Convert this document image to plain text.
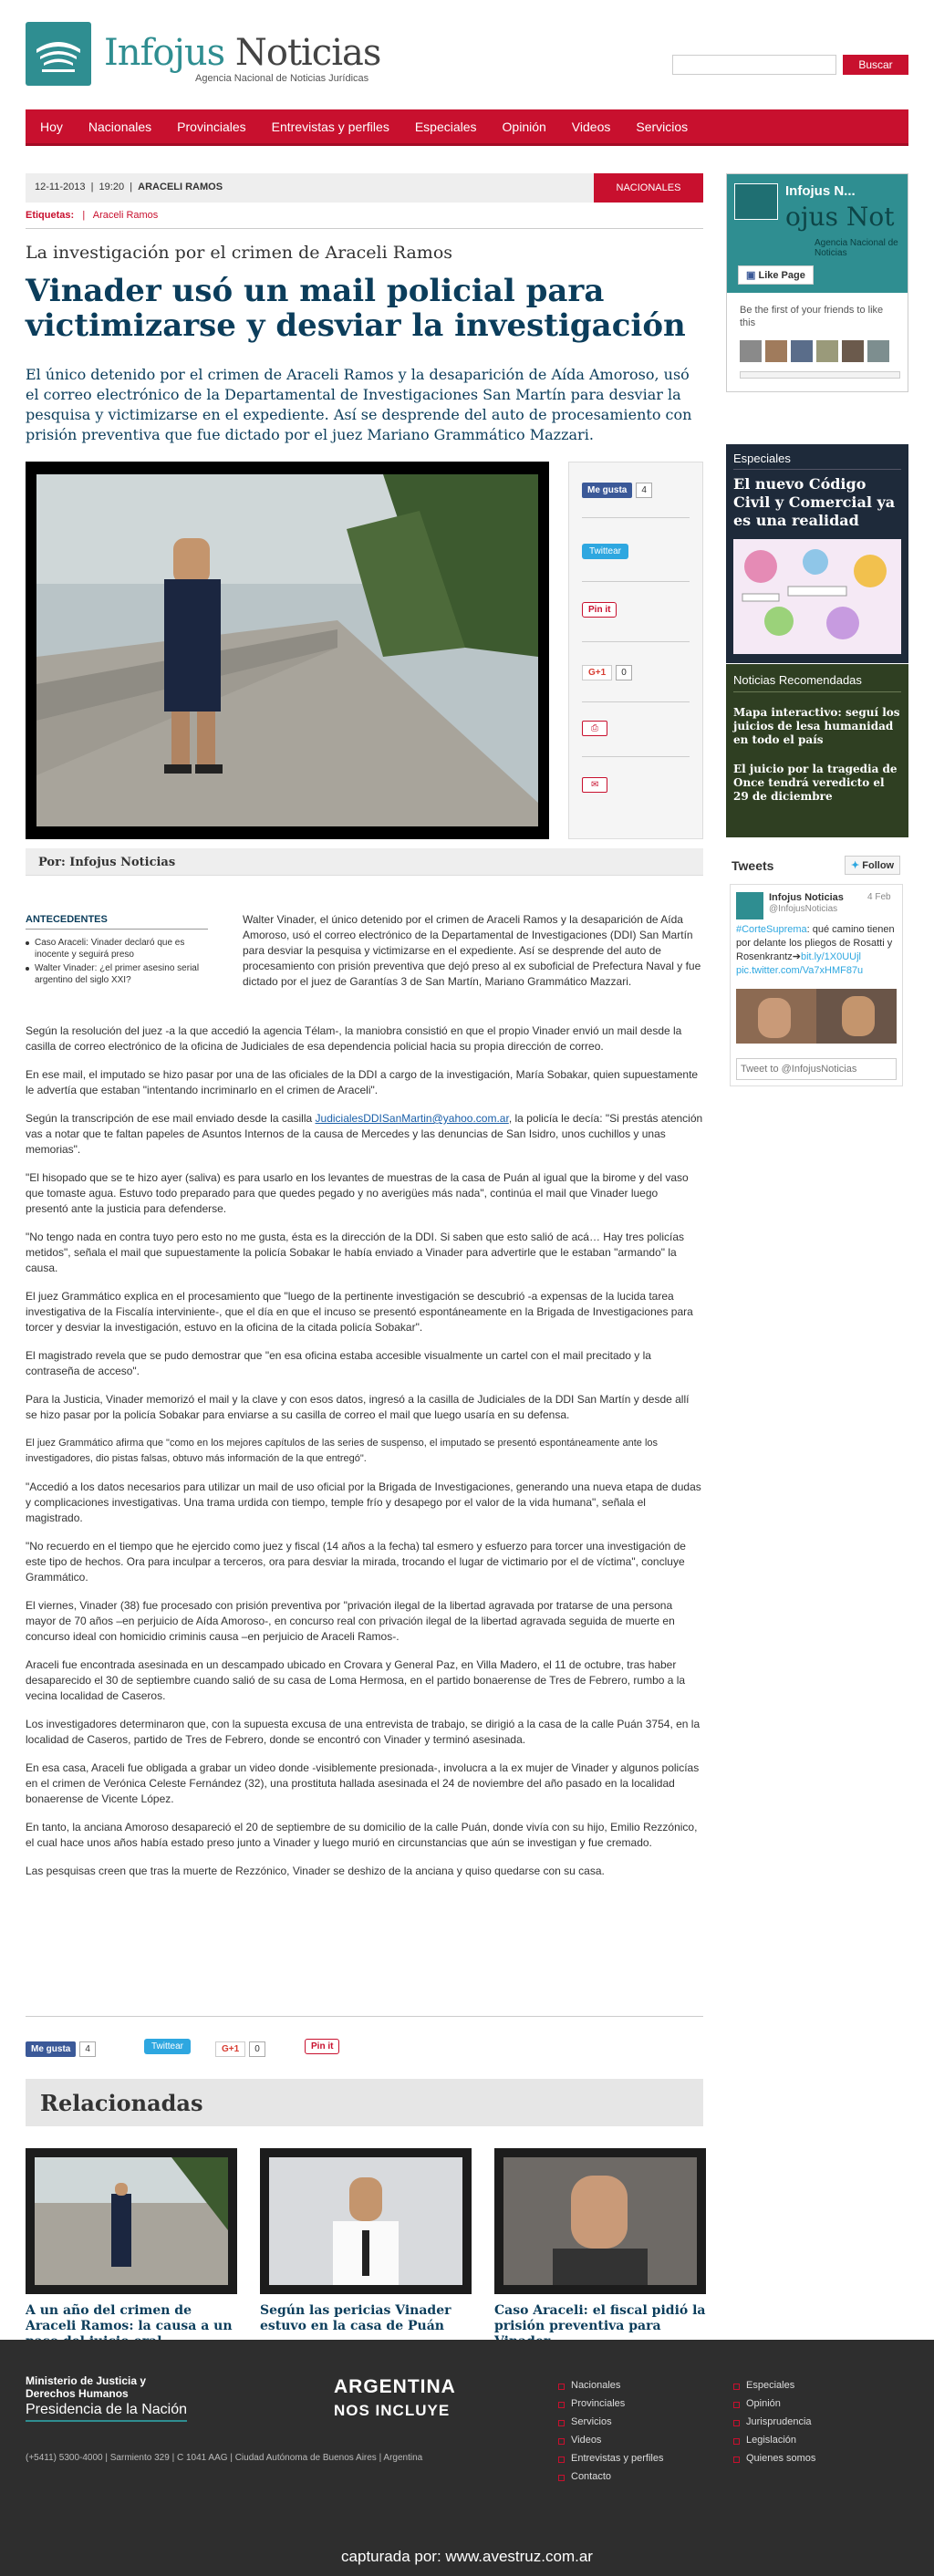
Infojus Noticias
Agencia Nacional de Noticias Jurídicas
Buscar
Hoy Nacionales Provinciales Entrevistas y perfiles Especiales Opinión Videos Servicios
12-11-2013  |  19:20  |  ARACELI RAMOS	NACIONALES
Etiquetas:   |   Araceli Ramos
La investigación por el crimen de Araceli Ramos
Vinader usó un mail policial para victimizarse y desviar la investigación
El único detenido por el crimen de Araceli Ramos y la desaparición de Aída Amoroso, usó el correo electrónico de la Departamental de Investigaciones San Martín para desviar la pesquisa y victimizarse en el expediente. Así se desprende del auto de procesamiento con prisión preventiva que fue dictado por el juez Mariano Grammático Mazzari.
Me gusta 4
Twittear
Pin it
G+1 0
⎙
✉
Por: Infojus Noticias
ANTECEDENTES
Caso Araceli: Vinader declaró que es inocente y seguirá preso
Walter Vinader: ¿el primer asesino serial argentino del siglo XXI?
Walter Vinader, el único detenido por el crimen de Araceli Ramos y la desaparición de Aída Amoroso, usó el correo electrónico de la Departamental de Investigaciones (DDI) San Martín para desviar la pesquisa y victimizarse en el expediente. Así se desprende del auto de procesamiento con prisión preventiva que dejó preso al ex suboficial de Prefectura Naval y fue dictado por el juez de Garantías 3 de San Martín, Mariano Grammático Mazzari.

Según la resolución del juez -a la que accedió la agencia Télam-, la maniobra consistió en que el propio Vinader envió un mail desde la casilla de correo electrónico de la oficina de Judiciales de esa dependencia policial hacia su propia dirección de correo.

En ese mail, el imputado se hizo pasar por una de las oficiales de la DDI a cargo de la investigación, María Sobakar, quien supuestamente le advertía que estaban "intentando incriminarlo en el crimen de Araceli".

Según la transcripción de ese mail enviado desde la casilla JudicialesDDISanMartin@yahoo.com.ar, la policía le decía: "Si prestás atención vas a notar que te faltan papeles de Asuntos Internos de la causa de Mercedes y las denuncias de San Isidro, unos cuchillos y unas memorias".

"El hisopado que se te hizo ayer (saliva) es para usarlo en los levantes de muestras de la casa de Puán al igual que la birome y del vaso que tomaste agua. Estuvo todo preparado para que quedes pegado y no averigües más nada", continúa el mail que Vinader luego presentó ante la justicia para defenderse.

"No tengo nada en contra tuyo pero esto no me gusta, ésta es la dirección de la DDI. Si saben que esto salió de acá… Hay tres policías metidos", señala el mail que supuestamente la policía Sobakar le había enviado a Vinader para advertirle que le estaban "armando" la causa.

El juez Grammático explica en el procesamiento que "luego de la pertinente investigación se descubrió -a expensas de la lucida tarea investigativa de la Fiscalía interviniente-, que el día en que el incuso se presentó espontáneamente en la Brigada de Investigaciones para torcer y desviar la investigación, estuvo en la oficina de la citada policía Sobakar".

El magistrado revela que se pudo demostrar que "en esa oficina estaba accesible visualmente un cartel con el mail precitado y la contraseña de acceso".

Para la Justicia, Vinader memorizó el mail y la clave y con esos datos, ingresó a la casilla de Judiciales de la DDI San Martín y desde allí se hizo pasar por la policía Sobakar para enviarse a su casilla de correo el mail que luego usaría en su defensa.

El juez Grammático afirma que "como en los mejores capítulos de las series de suspenso, el imputado se presentó espontáneamente ante los investigadores, dio pistas falsas, obtuvo más información de la que entregó".

"Accedió a los datos necesarios para utilizar un mail de uso oficial por la Brigada de Investigaciones, generando una nueva etapa de dudas y complicaciones investigativas. Una trama urdida con tiempo, temple frío y desapego por el valor de la vida humana", señala el magistrado.

"No recuerdo en el tiempo que he ejercido como juez y fiscal (14 años a la fecha) tal esmero y esfuerzo para torcer una investigación de este tipo de hechos. Ora para inculpar a terceros, ora para desviar la mirada, trocando el lugar de victimario por el de víctima", concluye Grammático.

El viernes, Vinader (38) fue procesado con prisión preventiva por "privación ilegal de la libertad agravada por tratarse de una persona mayor de 70 años –en perjuicio de Aída Amoroso-, en concurso real con privación ilegal de la libertad agravada seguida de muerte en concurso ideal con homicidio criminis causa –en perjuicio de Araceli Ramos-.

Araceli fue encontrada asesinada en un descampado ubicado en Crovara y General Paz, en Villa Madero, el 11 de octubre, tras haber desaparecido el 30 de septiembre cuando salió de su casa de Loma Hermosa, en el partido bonaerense de Tres de Febrero, rumbo a la vecina localidad de Caseros.

Los investigadores determinaron que, con la supuesta excusa de una entrevista de trabajo, se dirigió a la casa de la calle Puán 3754, en la localidad de Caseros, partido de Tres de Febrero, donde se encontró con Vinader y terminó asesinada.

En esa casa, Araceli fue obligada a grabar un video donde -visiblemente presionada-, involucra a la ex mujer de Vinader y algunos policías en el crimen de Verónica Celeste Fernández (32), una prostituta hallada asesinada el 24 de noviembre del año pasado en la localidad bonaerense de Vicente López.

En tanto, la anciana Amoroso desapareció el 20 de septiembre de su domicilio de la calle Puán, donde vivía con su hijo, Emilio Rezzónico, el cual hace unos años había estado preso junto a Vinader y luego murió en circunstancias que aún se investigan y fue cremado.

Las pesquisas creen que tras la muerte de Rezzónico, Vinader se deshizo de la anciana y quiso quedarse con su casa.

Me gusta 4	Twittear	G+1 0	Pin it
Relacionadas
A un año del crimen de Araceli Ramos: la causa a un
Según las pericias Vinader estuvo en la casa de Puán
Caso Araceli: el fiscal pidió la prisión preventiva para
Infojus N...
ojus Not
Agencia Nacional de Noticias
▣ Like Page
Be the first of your friends to like this
Especiales
El nuevo Código Civil y Comercial ya es una realidad
Noticias Recomendadas
Mapa interactivo: seguí los juicios de lesa humanidad en todo el país
El juicio por la tragedia de Once tendrá veredicto el 29 de diciembre
Tweets	✦ Follow
Infojus Noticias
@InfojusNoticias
4 Feb
#CorteSuprema: qué camino tienen por delante los pliegos de Rosatti y Rosenkrantz➔bit.ly/1X0UUjl pic.twitter.com/Va7xHMF87u
Tweet to @InfojusNoticias
Ministerio de Justicia y Derechos Humanos
Presidencia de la Nación
(+5411) 5300-4000 | Sarmiento 329 | C 1041 AAG | Ciudad Autónoma de Buenos Aires | Argentina
ARGENTINA
NOS INCLUYE
Nacionales
Provinciales
Servicios
Videos
Entrevistas y perfiles
Contacto
Especiales
Opinión
Jurisprudencia
Legislación
Quienes somos
capturada por: www.avestruz.com.ar
